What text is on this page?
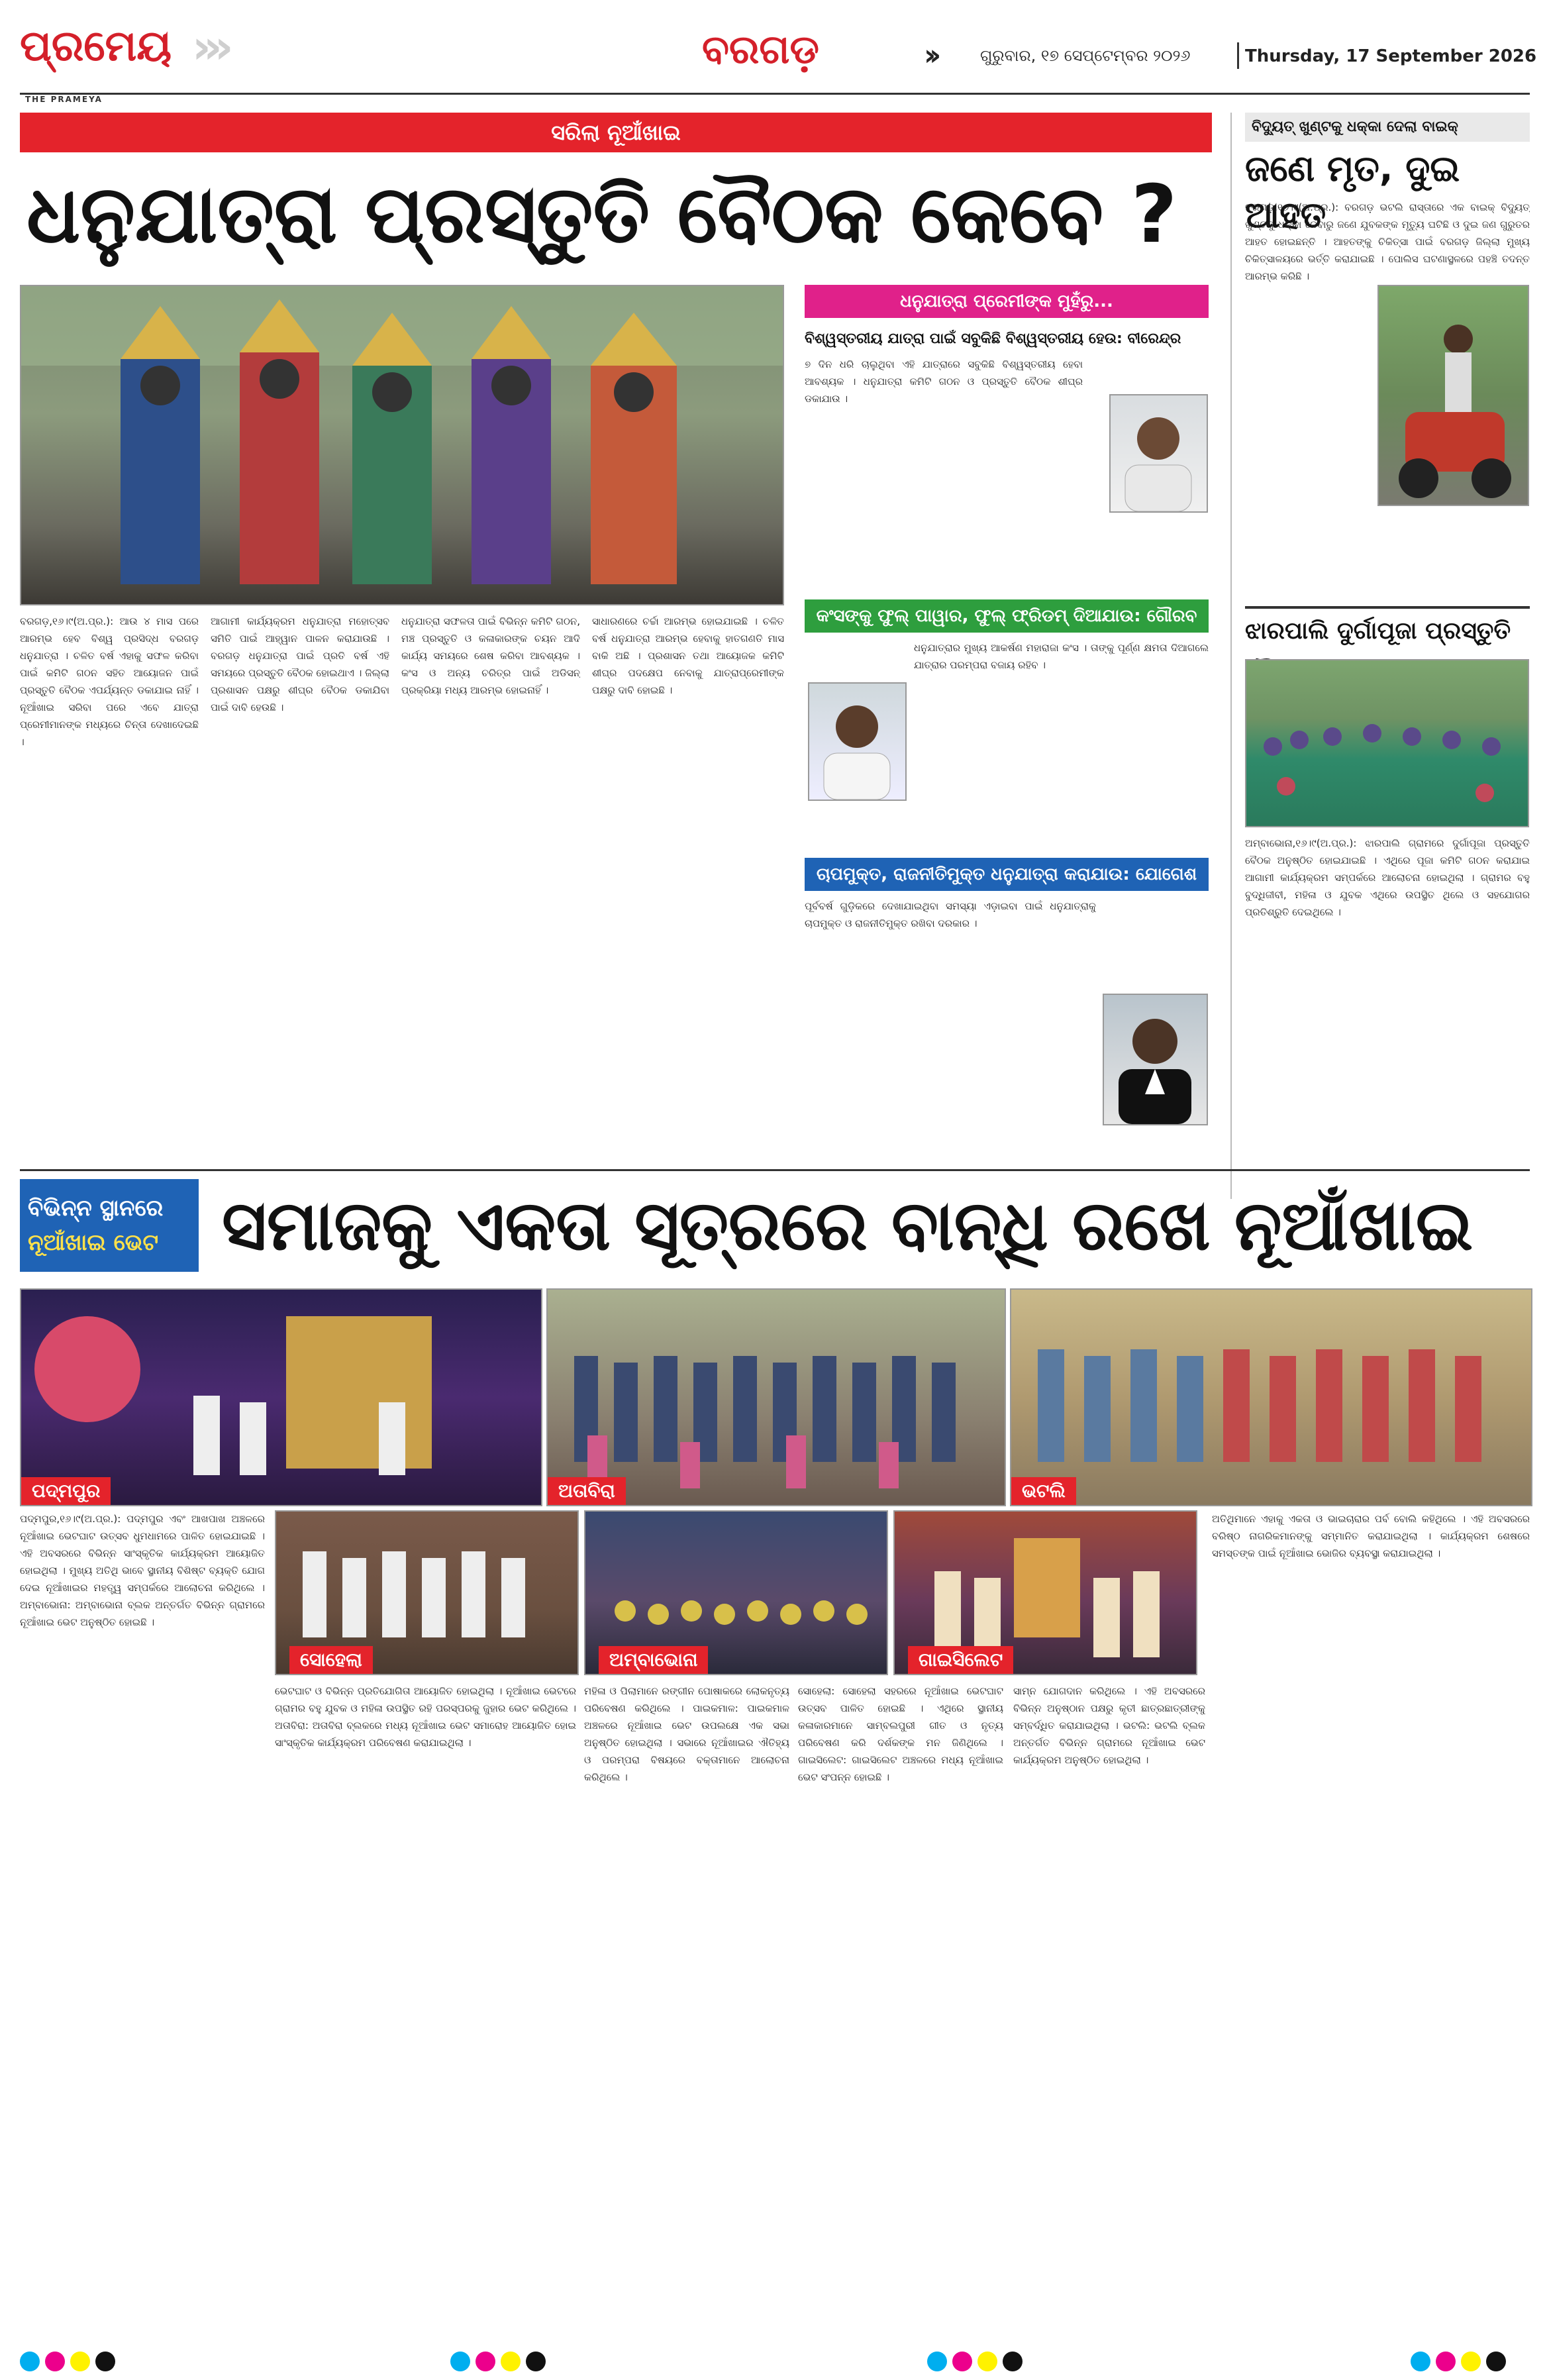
ପ୍ରମେୟ
THE PRAMEYA
›››	ବରଗଡ଼	››	ଗୁରୁବାର, ୧୭ ସେପ୍ଟେମ୍ବର ୨୦୨୬	Thursday, 17 September 2026
ସରିଲା ନୂଆଁଖାଇ
ଧନୁଯାତ୍ରା ପ୍ରସ୍ତୁତି ବୈଠକ କେବେ ?
ବରଗଡ଼,୧୬।୯(ଅ.ପ୍ର.): ଆଉ ୪ ମାସ ପରେ ଆରମ୍ଭ ହେବ ବିଶ୍ୱ ପ୍ରସିଦ୍ଧ ବରଗଡ଼ ଧନୁଯାତ୍ରା । ଚଳିତ ବର୍ଷ ଏହାକୁ ସଫଳ କରିବା ପାଇଁ କମିଟି ଗଠନ ସହିତ ଆୟୋଜନ ପାଇଁ ପ୍ରସ୍ତୁତି ବୈଠକ ଏପର୍ଯ୍ୟନ୍ତ ଡକାଯାଇ ନାହିଁ । ନୂଆଁଖାଇ ସରିବା ପରେ ଏବେ ଯାତ୍ରା ପ୍ରେମୀମାନଙ୍କ ମଧ୍ୟରେ ଚିନ୍ତା ଦେଖାଦେଇଛି ।
ଆଗାମୀ କାର୍ଯ୍ୟକ୍ରମ ଧନୁଯାତ୍ରା ମହୋତ୍ସବ ସମିତି ପାଇଁ ଆହ୍ୱାନ ପାଳନ କରାଯାଉଛି । ବରଗଡ଼ ଧନୁଯାତ୍ରା ପାଇଁ ପ୍ରତି ବର୍ଷ ଏହି ସମୟରେ ପ୍ରସ୍ତୁତି ବୈଠକ ହୋଇଥାଏ । ଜିଲ୍ଲା ପ୍ରଶାସନ ପକ୍ଷରୁ ଶୀଘ୍ର ବୈଠକ ଡକାଯିବା ପାଇଁ ଦାବି ହେଉଛି ।
ଧନୁଯାତ୍ରା ସଫଳତା ପାଇଁ ବିଭିନ୍ନ କମିଟି ଗଠନ, ମଞ୍ଚ ପ୍ରସ୍ତୁତି ଓ କଳାକାରଙ୍କ ଚୟନ ଆଦି କାର୍ଯ୍ୟ ସମୟରେ ଶେଷ କରିବା ଆବଶ୍ୟକ । କଂସ ଓ ଅନ୍ୟ ଚରିତ୍ର ପାଇଁ ଅଡିସନ୍ ପ୍ରକ୍ରିୟା ମଧ୍ୟ ଆରମ୍ଭ ହୋଇନାହିଁ ।
ସାଧାରଣରେ ଚର୍ଚ୍ଚା ଆରମ୍ଭ ହୋଇଯାଇଛି । ଚଳିତ ବର୍ଷ ଧନୁଯାତ୍ରା ଆରମ୍ଭ ହେବାକୁ ହାତଗଣତି ମାସ ବାକି ଅଛି । ପ୍ରଶାସନ ତଥା ଆୟୋଜକ କମିଟି ଶୀଘ୍ର ପଦକ୍ଷେପ ନେବାକୁ ଯାତ୍ରାପ୍ରେମୀଙ୍କ ପକ୍ଷରୁ ଦାବି ହୋଇଛି ।
ଧନୁଯାତ୍ରା ପ୍ରେମୀଙ୍କ ମୁହଁରୁ...
ବିଶ୍ୱସ୍ତରୀୟ ଯାତ୍ରା ପାଇଁ ସବୁକିଛି ବିଶ୍ୱସ୍ତରୀୟ ହେଉ: ବୀରେନ୍ଦ୍ର
୭ ଦିନ ଧରି ଚାଲୁଥିବା ଏହି ଯାତ୍ରାରେ ସବୁକିଛି ବିଶ୍ୱସ୍ତରୀୟ ହେବା ଆବଶ୍ୟକ । ଧନୁଯାତ୍ରା କମିଟି ଗଠନ ଓ ପ୍ରସ୍ତୁତି ବୈଠକ ଶୀଘ୍ର ଡକାଯାଉ ।
କଂସଙ୍କୁ ଫୁଲ୍ ପାୱାର, ଫୁଲ୍ ଫ୍ରିଡମ୍ ଦିଆଯାଉ: ଗୌରବ
ଧନୁଯାତ୍ରାର ମୁଖ୍ୟ ଆକର୍ଷଣ ମହାରାଜା କଂସ । ତାଙ୍କୁ ପୂର୍ଣ୍ଣ କ୍ଷମତା ଦିଆଗଲେ ଯାତ୍ରାର ପରମ୍ପରା ବଜାୟ ରହିବ ।
ଚାପମୁକ୍ତ, ରାଜନୀତିମୁକ୍ତ ଧନୁଯାତ୍ରା କରାଯାଉ: ଯୋଗେଶ
ପୂର୍ବବର୍ଷ ଗୁଡ଼ିକରେ ଦେଖାଯାଇଥିବା ସମସ୍ୟା ଏଡ଼ାଇବା ପାଇଁ ଧନୁଯାତ୍ରାକୁ ଚାପମୁକ୍ତ ଓ ରାଜନୀତିମୁକ୍ତ ରଖିବା ଦରକାର ।
ବିଦ୍ୟୁତ୍ ଖୁଣ୍ଟକୁ ଧକ୍କା ଦେଲା ବାଇକ୍
ଜଣେ ମୃତ, ଦୁଇ ଆହତ
ବରଗଡ଼,୧୬।୯(ଅ.ପ୍ର.): ବରଗଡ଼ ଭଟଲି ରାସ୍ତାରେ ଏକ ବାଇକ୍ ବିଦ୍ୟୁତ୍ ଖୁଣ୍ଟକୁ ଧକ୍କା ଦେବାରୁ ଜଣେ ଯୁବକଙ୍କ ମୃତ୍ୟୁ ଘଟିଛି ଓ ଦୁଇ ଜଣ ଗୁରୁତର ଆହତ ହୋଇଛନ୍ତି । ଆହତଙ୍କୁ ଚିକିତ୍ସା ପାଇଁ ବରଗଡ଼ ଜିଲ୍ଲା ମୁଖ୍ୟ ଚିକିତ୍ସାଳୟରେ ଭର୍ତ୍ତି କରାଯାଇଛି । ପୋଲିସ ଘଟଣାସ୍ଥଳରେ ପହଞ୍ଚି ତଦନ୍ତ ଆରମ୍ଭ କରିଛି ।
ଝାରପାଲି ଦୁର୍ଗାପୂଜା ପ୍ରସ୍ତୁତି
ଅମ୍ବାଭୋନା,୧୬।୯(ଅ.ପ୍ର.): ଝାରପାଲି ଗ୍ରାମରେ ଦୁର୍ଗାପୂଜା ପ୍ରସ୍ତୁତି ବୈଠକ ଅନୁଷ୍ଠିତ ହୋଇଯାଇଛି । ଏଥିରେ ପୂଜା କମିଟି ଗଠନ କରାଯାଇ ଆଗାମୀ କାର୍ଯ୍ୟକ୍ରମ ସମ୍ପର୍କରେ ଆଲୋଚନା ହୋଇଥିଲା । ଗ୍ରାମର ବହୁ ବୁଦ୍ଧିଜୀବୀ, ମହିଳା ଓ ଯୁବକ ଏଥିରେ ଉପସ୍ଥିତ ଥିଲେ ଓ ସହଯୋଗର ପ୍ରତିଶ୍ରୁତି ଦେଇଥିଲେ ।
ବିଭିନ୍ନ ସ୍ଥାନରେ
ନୂଆଁଖାଇ ଭେଟ ସମାଜକୁ ଏକତା ସୂତ୍ରରେ ବାନ୍ଧି ରଖେ ନୂଆଁଖାଇ
ପଦ୍ମପୁର	ଅତାବିରା	ଭଟଲି
ସୋହେଲା	ଅମ୍ବାଭୋନା	ଗାଇସିଲେଟ
ପଦ୍ମପୁର,୧୬।୯(ଅ.ପ୍ର.): ପଦ୍ମପୁର ଏବଂ ଆଖପାଖ ଅଞ୍ଚଳରେ ନୂଆଁଖାଇ ଭେଟଘାଟ ଉତ୍ସବ ଧୁମଧାମରେ ପାଳିତ ହୋଇଯାଇଛି । ଏହି ଅବସରରେ ବିଭିନ୍ନ ସାଂସ୍କୃତିକ କାର୍ଯ୍ୟକ୍ରମ ଆୟୋଜିତ ହୋଇଥିଲା । ମୁଖ୍ୟ ଅତିଥି ଭାବେ ସ୍ଥାନୀୟ ବିଶିଷ୍ଟ ବ୍ୟକ୍ତି ଯୋଗ ଦେଇ ନୂଆଁଖାଇର ମହତ୍ତ୍ୱ ସମ୍ପର୍କରେ ଆଲୋଚନା କରିଥିଲେ । ଅମ୍ବାଭୋନା: ଅମ୍ବାଭୋନା ବ୍ଲକ ଅନ୍ତର୍ଗତ ବିଭିନ୍ନ ଗ୍ରାମରେ ନୂଆଁଖାଇ ଭେଟ ଅନୁଷ୍ଠିତ ହୋଇଛି ।
ଭେଟଘାଟ ଓ ବିଭିନ୍ନ ପ୍ରତିଯୋଗିତା ଆୟୋଜିତ ହୋଇଥିଲା । ନୂଆଁଖାଇ ଭେଟରେ ଗ୍ରାମର ବହୁ ଯୁବକ ଓ ମହିଳା ଉପସ୍ଥିତ ରହି ପରସ୍ପରକୁ ଜୁହାର ଭେଟ କରିଥିଲେ । ଅତାବିରା: ଅତାବିରା ବ୍ଲକରେ ମଧ୍ୟ ନୂଆଁଖାଇ ଭେଟ ସମାରୋହ ଆୟୋଜିତ ହୋଇ ସାଂସ୍କୃତିକ କାର୍ଯ୍ୟକ୍ରମ ପରିବେଷଣ କରାଯାଇଥିଲା ।
ମହିଳା ଓ ପିଲାମାନେ ରଙ୍ଗୀନ ପୋଷାକରେ ଲୋକନୃତ୍ୟ ପରିବେଷଣ କରିଥିଲେ । ପାଇକମାଳ: ପାଇକମାଳ ଅଞ୍ଚଳରେ ନୂଆଁଖାଇ ଭେଟ ଉପଲକ୍ଷେ ଏକ ସଭା ଅନୁଷ୍ଠିତ ହୋଇଥିଲା । ସଭାରେ ନୂଆଁଖାଇର ଐତିହ୍ୟ ଓ ପରମ୍ପରା ବିଷୟରେ ବକ୍ତାମାନେ ଆଲୋଚନା କରିଥିଲେ ।
ସୋହେଲା: ସୋହେଲା ସହରରେ ନୂଆଁଖାଇ ଭେଟଘାଟ ଉତ୍ସବ ପାଳିତ ହୋଇଛି । ଏଥିରେ ସ୍ଥାନୀୟ କଳାକାରମାନେ ସାମ୍ବଲପୁରୀ ଗୀତ ଓ ନୃତ୍ୟ ପରିବେଷଣ କରି ଦର୍ଶକଙ୍କ ମନ ଜିଣିଥିଲେ । ଗାଇସିଲେଟ: ଗାଇସିଲେଟ ଅଞ୍ଚଳରେ ମଧ୍ୟ ନୂଆଁଖାଇ ଭେଟ ସଂପନ୍ନ ହୋଇଛି ।
ସାମ୍ନ ଯୋଗଦାନ କରିଥିଲେ । ଏହି ଅବସରରେ ବିଭିନ୍ନ ଅନୁଷ୍ଠାନ ପକ୍ଷରୁ କୃତୀ ଛାତ୍ରଛାତ୍ରୀଙ୍କୁ ସମ୍ବର୍ଦ୍ଧିତ କରାଯାଇଥିଲା । ଭଟଲି: ଭଟଲି ବ୍ଲକ ଅନ୍ତର୍ଗତ ବିଭିନ୍ନ ଗ୍ରାମରେ ନୂଆଁଖାଇ ଭେଟ କାର୍ଯ୍ୟକ୍ରମ ଅନୁଷ୍ଠିତ ହୋଇଥିଲା ।
ଅତିଥିମାନେ ଏହାକୁ ଏକତା ଓ ଭାଇଚାରାର ପର୍ବ ବୋଲି କହିଥିଲେ । ଏହି ଅବସରରେ ବରିଷ୍ଠ ନାଗରିକମାନଙ୍କୁ ସମ୍ମାନିତ କରାଯାଇଥିଲା । କାର୍ଯ୍ୟକ୍ରମ ଶେଷରେ ସମସ୍ତଙ୍କ ପାଇଁ ନୂଆଁଖାଇ ଭୋଜିର ବ୍ୟବସ୍ଥା କରାଯାଇଥିଲା ।
